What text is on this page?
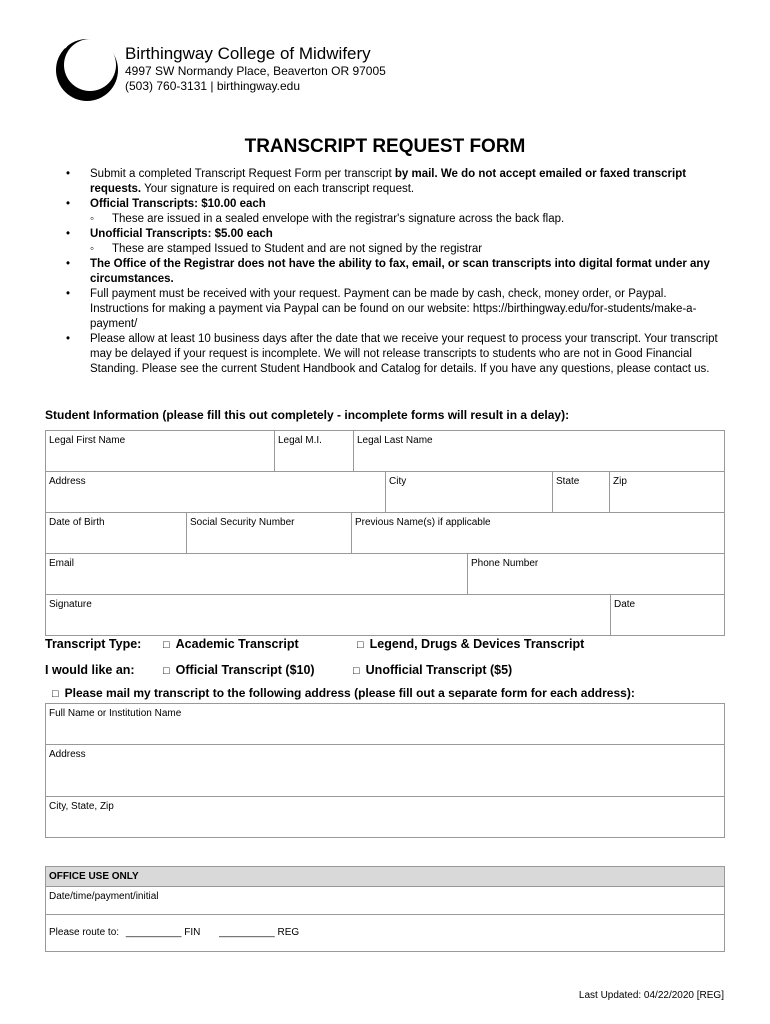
Birthingway College of Midwifery
4997 SW Normandy Place, Beaverton OR 97005
(503) 760-3131 | birthingway.edu
TRANSCRIPT REQUEST FORM
• Submit a completed Transcript Request Form per transcript by mail. We do not accept emailed or faxed transcript requests. Your signature is required on each transcript request.
• Official Transcripts: $10.00 each
◦ These are issued in a sealed envelope with the registrar's signature across the back flap.
• Unofficial Transcripts: $5.00 each
◦ These are stamped Issued to Student and are not signed by the registrar
• The Office of the Registrar does not have the ability to fax, email, or scan transcripts into digital format under any circumstances.
• Full payment must be received with your request. Payment can be made by cash, check, money order, or Paypal. Instructions for making a payment via Paypal can be found on our website: https://birthingway.edu/for-students/make-a-payment/
• Please allow at least 10 business days after the date that we receive your request to process your transcript. Your transcript may be delayed if your request is incomplete. We will not release transcripts to students who are not in Good Financial Standing. Please see the current Student Handbook and Catalog for details. If you have any questions, please contact us.
Student Information (please fill this out completely - incomplete forms will result in a delay):
Legal First Name	Legal M.I.	Legal Last Name
Address	City	State	Zip
Date of Birth	Social Security Number	Previous Name(s) if applicable
Email	Phone Number
Signature	Date
Transcript Type: □ Academic Transcript	□ Legend, Drugs & Devices Transcript
I would like an:	□ Official Transcript ($10)	□ Unofficial Transcript ($5)
□ Please mail my transcript to the following address (please fill out a separate form for each address):
Full Name or Institution Name
Address
City, State, Zip
OFFICE USE ONLY
Date/time/payment/initial
Please route to: __________ FIN __________ REG
Last Updated: 04/22/2020 [REG]
